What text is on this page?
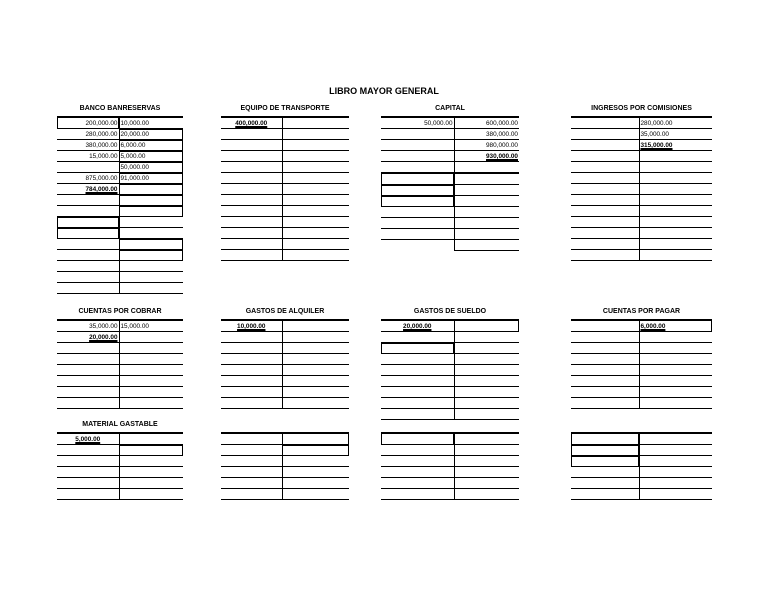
LIBRO MAYOR GENERAL
BANCO BANRESERVAS
200,000.00	10,000.00
280,000.00	20,000.00
380,000.00	6,000.00
15,000.00	5,000.00
	50,000.00
875,000.00	91,000.00
784,000.00	

EQUIPO DE TRANSPORTE
400,000.00	

CAPITAL
50,000.00	600,000.00
	380,000.00
	980,000.00
	930,000.00

INGRESOS POR COMISIONES
	280,000.00
	35,000.00
	315,000.00

CUENTAS POR COBRAR
35,000.00	15,000.00
20,000.00	

GASTOS DE ALQUILER
10,000.00	

GASTOS DE SUELDO
20,000.00	

CUENTAS POR PAGAR
	6,000.00

MATERIAL GASTABLE
5,000.00	
